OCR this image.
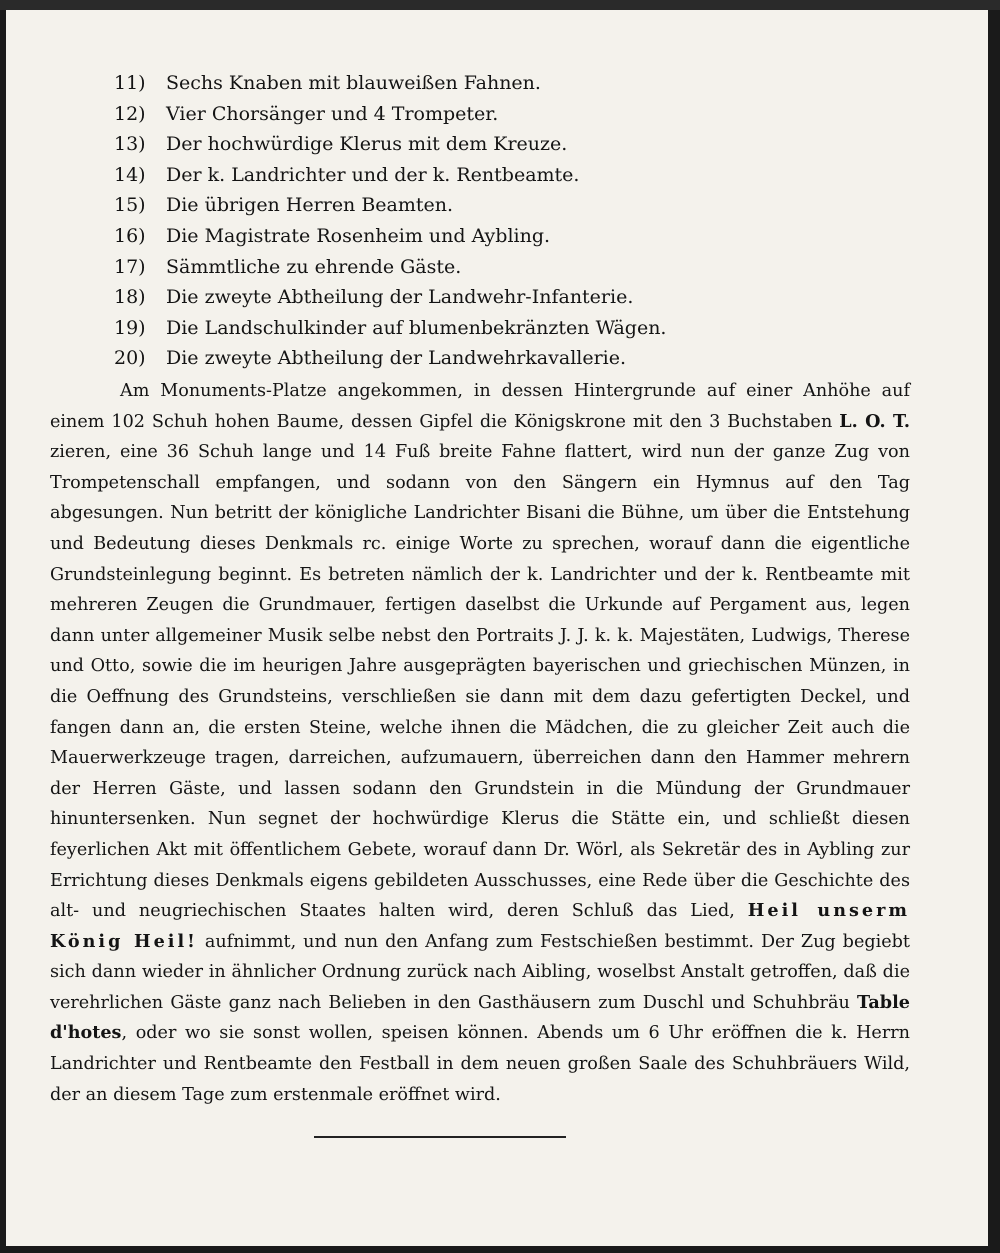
11) Sechs Knaben mit blauweißen Fahnen.
12) Vier Chorsänger und 4 Trompeter.
13) Der hochwürdige Klerus mit dem Kreuze.
14) Der k. Landrichter und der k. Rentbeamte.
15) Die übrigen Herren Beamten.
16) Die Magistrate Rosenheim und Aybling.
17) Sämmtliche zu ehrende Gäste.
18) Die zweyte Abtheilung der Landwehr-Infanterie.
19) Die Landschulkinder auf blumenbekränzten Wägen.
20) Die zweyte Abtheilung der Landwehrkavallerie.

Am Monuments-Platze angekommen, in dessen Hintergrunde auf einer Anhöhe auf einem 102 Schuh hohen Baume, dessen Gipfel die Königskrone mit den 3 Buchstaben L. O. T. zieren, eine 36 Schuh lange und 14 Fuß breite Fahne flattert, wird nun der ganze Zug von Trompetenschall empfangen, und sodann von den Sängern ein Hymnus auf den Tag abgesungen. Nun betritt der königliche Landrichter Bisani die Bühne, um über die Entstehung und Bedeutung dieses Denkmals rc. einige Worte zu sprechen, worauf dann die eigentliche Grundsteinlegung beginnt. Es betreten nämlich der k. Landrichter und der k. Rentbeamte mit mehreren Zeugen die Grundmauer, fertigen daselbst die Urkunde auf Pergament aus, legen dann unter allgemeiner Musik selbe nebst den Portraits J. J. k. k. Majestäten, Ludwigs, Therese und Otto, sowie die im heurigen Jahre ausgeprägten bayerischen und griechischen Münzen, in die Oeffnung des Grundsteins, verschließen sie dann mit dem dazu gefertigten Deckel, und fangen dann an, die ersten Steine, welche ihnen die Mädchen, die zu gleicher Zeit auch die Mauerwerkzeuge tragen, darreichen, aufzumauern, überreichen dann den Hammer mehrern der Herren Gäste, und lassen sodann den Grundstein in die Mündung der Grundmauer hinuntersenken. Nun segnet der hochwürdige Klerus die Stätte ein, und schließt diesen feyerlichen Akt mit öffentlichem Gebete, worauf dann Dr. Wörl, als Sekretär des in Aybling zur Errichtung dieses Denkmals eigens gebildeten Ausschusses, eine Rede über die Geschichte des alt- und neugriechischen Staates halten wird, deren Schluß das Lied, Heil unserm König Heil! aufnimmt, und nun den Anfang zum Festschießen bestimmt. Der Zug begiebt sich dann wieder in ähnlicher Ordnung zurück nach Aibling, woselbst Anstalt getroffen, daß die verehrlichen Gäste ganz nach Belieben in den Gasthäusern zum Duschl und Schuhbräu Table d'hotes, oder wo sie sonst wollen, speisen können. Abends um 6 Uhr eröffnen die k. Herrn Landrichter und Rentbeamte den Festball in dem neuen großen Saale des Schuhbräuers Wild, der an diesem Tage zum erstenmale eröffnet wird.
